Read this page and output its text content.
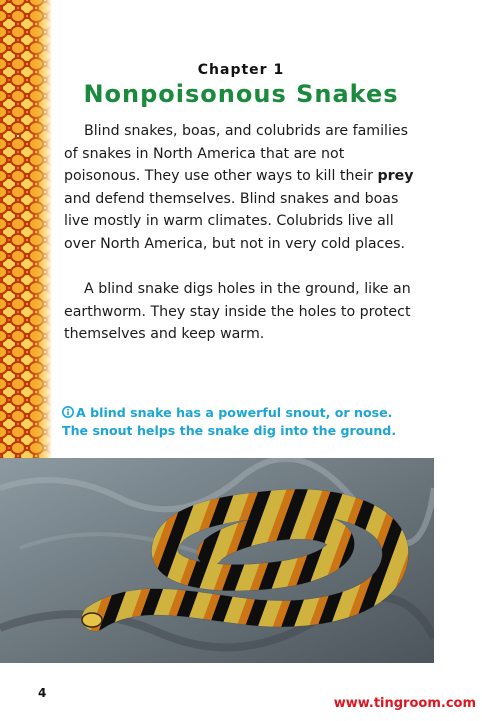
Chapter 1
Nonpoisonous Snakes

Blind snakes, boas, and colubrids are families of snakes in North America that are not poisonous. They use other ways to kill their prey and defend themselves. Blind snakes and boas live mostly in warm climates. Colubrids live all over North America, but not in very cold places.

A blind snake digs holes in the ground, like an earthworm. They stay inside the holes to protect themselves and keep warm.

A blind snake has a powerful snout, or nose. The snout helps the snake dig into the ground.
4
www.tingroom.com
